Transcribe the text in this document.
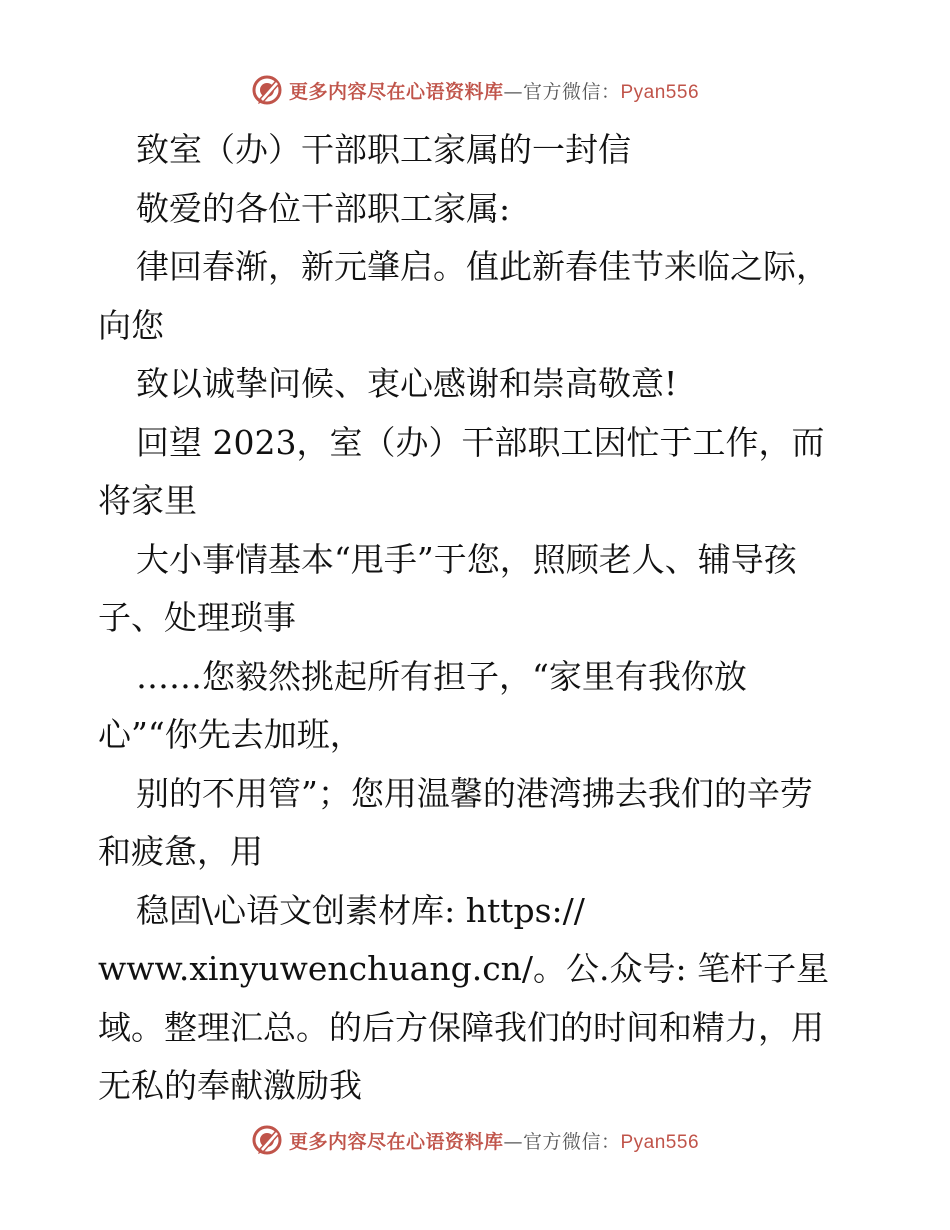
更多内容尽在心语资料库—官方微信：Pyan556
致室（办）干部职工家属的一封信
敬爱的各位干部职工家属:
律回春渐，新元肇启。值此新春佳节来临之际，
向您
致以诚挚问候、衷心感谢和崇高敬意!
回望 2023，室（办）干部职工因忙于工作，而
将家里
大小事情基本“甩手”于您，照顾老人、辅导孩
子、处理琐事
……您毅然挑起所有担子，“家里有我你放
心”“你先去加班，
别的不用管”；您用温馨的港湾拂去我们的辛劳
和疲惫，用
稳固\心语文创素材库: https://
www.xinyuwenchuang.cn/。公.众号: 笔杆子星
域。整理汇总。的后方保障我们的时间和精力，用
无私的奉献激励我
更多内容尽在心语资料库—官方微信：Pyan556
